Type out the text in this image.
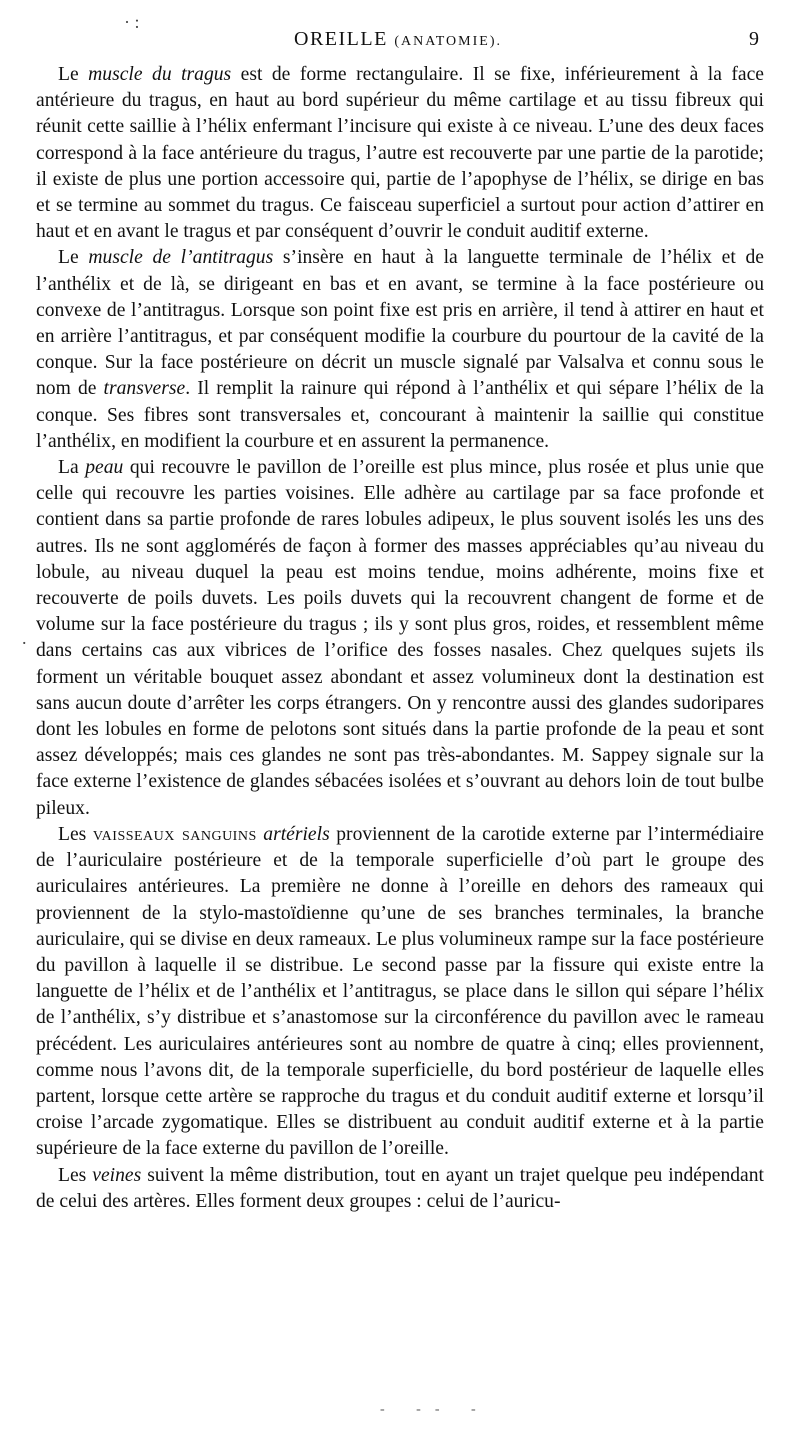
· :
OREILLE (ANATOMIE).	9
.

Le muscle du tragus est de forme rectangulaire. Il se fixe, inférieurement à la face antérieure du tragus, en haut au bord supérieur du même cartilage et au tissu fibreux qui réunit cette saillie à l’hélix enfermant l’incisure qui existe à ce niveau. L’une des deux faces correspond à la face antérieure du tragus, l’autre est recouverte par une partie de la parotide; il existe de plus une portion accessoire qui, partie de l’apophyse de l’hélix, se dirige en bas et se termine au sommet du tragus. Ce faisceau superficiel a surtout pour action d’attirer en haut et en avant le tragus et par conséquent d’ouvrir le conduit auditif externe.

Le muscle de l’antitragus s’insère en haut à la languette terminale de l’hélix et de l’anthélix et de là, se dirigeant en bas et en avant, se termine à la face postérieure ou convexe de l’antitragus. Lorsque son point fixe est pris en arrière, il tend à attirer en haut et en arrière l’antitragus, et par conséquent modifie la courbure du pourtour de la cavité de la conque. Sur la face postérieure on décrit un muscle signalé par Valsalva et connu sous le nom de transverse. Il remplit la rainure qui répond à l’anthélix et qui sépare l’hélix de la conque. Ses fibres sont transversales et, concourant à maintenir la saillie qui constitue l’anthélix, en modifient la courbure et en assurent la permanence.

La peau qui recouvre le pavillon de l’oreille est plus mince, plus rosée et plus unie que celle qui recouvre les parties voisines. Elle adhère au cartilage par sa face profonde et contient dans sa partie profonde de rares lobules adipeux, le plus souvent isolés les uns des autres. Ils ne sont agglomérés de façon à former des masses appréciables qu’au niveau du lobule, au niveau duquel la peau est moins tendue, moins adhérente, moins fixe et recouverte de poils duvets. Les poils duvets qui la recouvrent changent de forme et de volume sur la face postérieure du tragus ; ils y sont plus gros, roides, et ressemblent même dans certains cas aux vibrices de l’orifice des fosses nasales. Chez quelques sujets ils forment un véritable bouquet assez abondant et assez volumineux dont la destination est sans aucun doute d’arrêter les corps étrangers. On y rencontre aussi des glandes sudoripares dont les lobules en forme de pelotons sont situés dans la partie profonde de la peau et sont assez développés; mais ces glandes ne sont pas très-abondantes. M. Sappey signale sur la face externe l’existence de glandes sébacées isolées et s’ouvrant au dehors loin de tout bulbe pileux.

Les vaisseaux sanguins artériels proviennent de la carotide externe par l’intermédiaire de l’auriculaire postérieure et de la temporale superficielle d’où part le groupe des auriculaires antérieures. La première ne donne à l’oreille en dehors des rameaux qui proviennent de la stylo-mastoïdienne qu’une de ses branches terminales, la branche auriculaire, qui se divise en deux rameaux. Le plus volumineux rampe sur la face postérieure du pavillon à laquelle il se distribue. Le second passe par la fissure qui existe entre la languette de l’hélix et de l’anthélix et l’antitragus, se place dans le sillon qui sépare l’hélix de l’anthélix, s’y distribue et s’anastomose sur la circonférence du pavillon avec le rameau précédent. Les auriculaires antérieures sont au nombre de quatre à cinq; elles proviennent, comme nous l’avons dit, de la temporale superficielle, du bord postérieur de laquelle elles partent, lorsque cette artère se rapproche du tragus et du conduit auditif externe et lorsqu’il croise l’arcade zygomatique. Elles se distribuent au conduit auditif externe et à la partie supérieure de la face externe du pavillon de l’oreille.

Les veines suivent la même distribution, tout en ayant un trajet quelque peu indépendant de celui des artères. Elles forment deux groupes : celui de l’auricu-

- -- -
